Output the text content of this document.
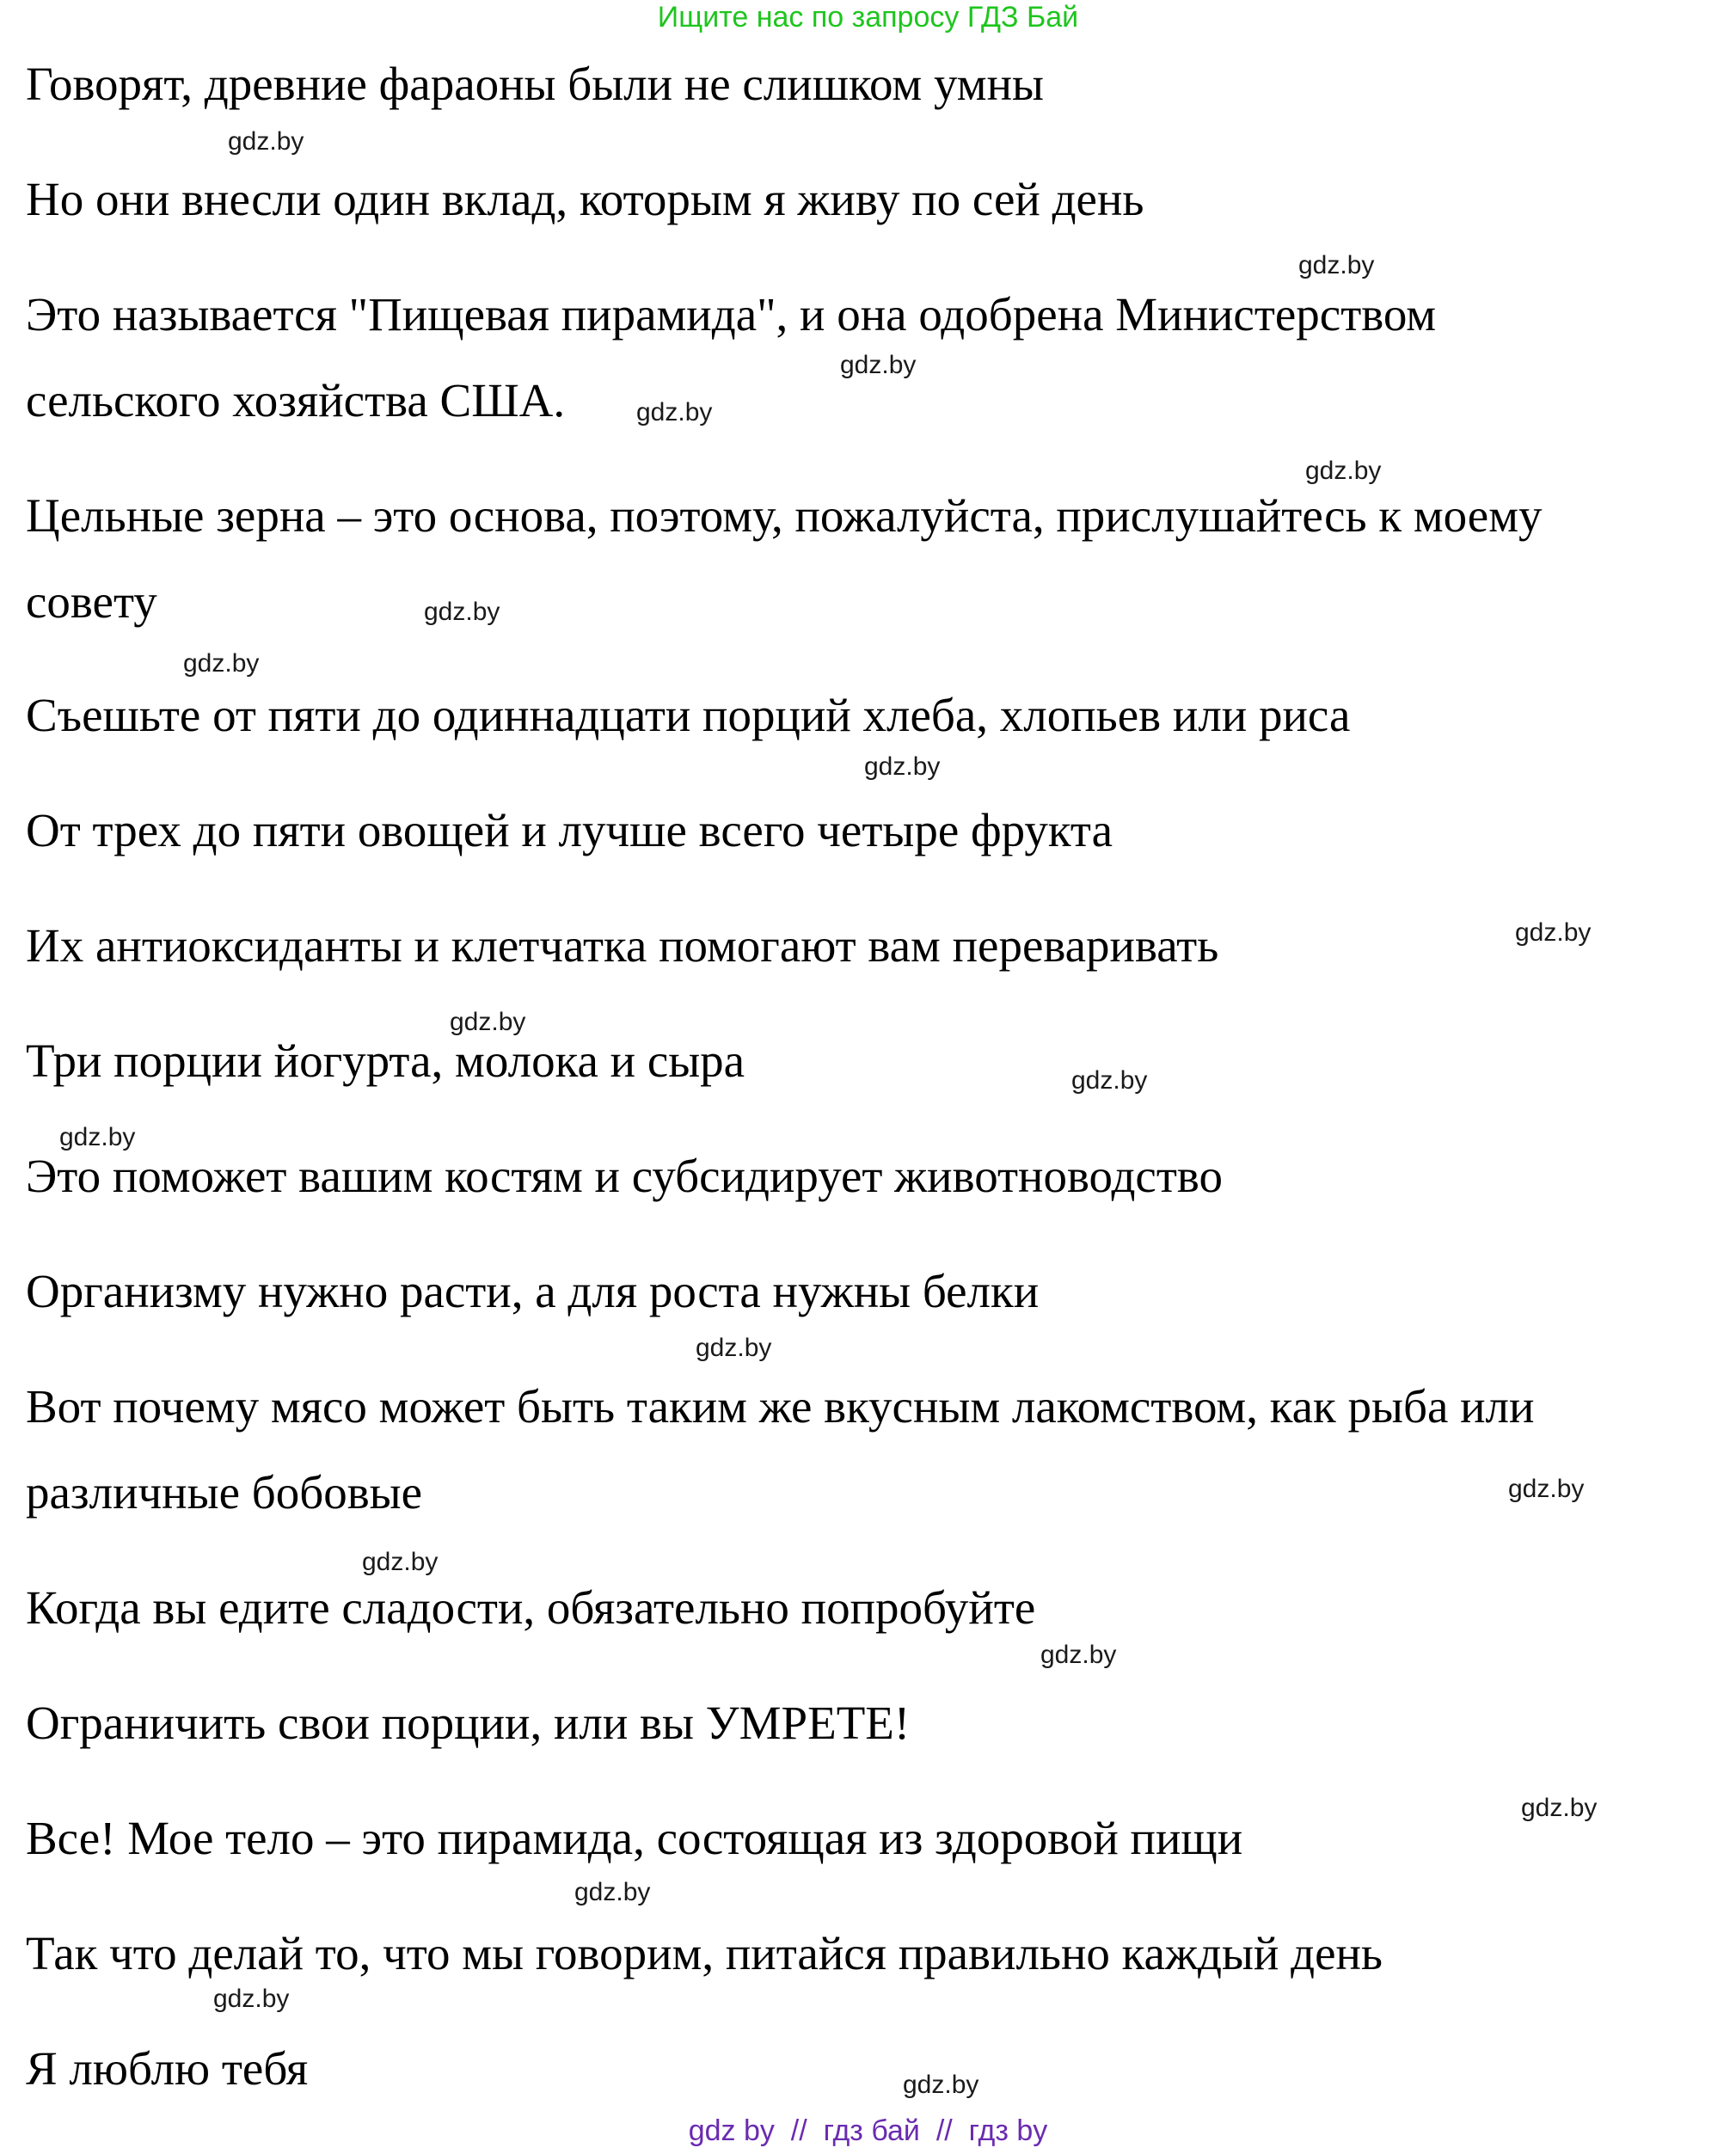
Ищите нас по запросу ГДЗ Бай
Говорят, древние фараоны были не слишком умны
Но они внесли один вклад, которым я живу по сей день
Это называется "Пищевая пирамида", и она одобрена Министерством
сельского хозяйства США.
Цельные зерна – это основа, поэтому, пожалуйста, прислушайтесь к моему
совету
Съешьте от пяти до одиннадцати порций хлеба, хлопьев или риса
От трех до пяти овощей и лучше всего четыре фрукта
Их антиоксиданты и клетчатка помогают вам переваривать
Три порции йогурта, молока и сыра
Это поможет вашим костям и субсидирует животноводство
Организму нужно расти, а для роста нужны белки
Вот почему мясо может быть таким же вкусным лакомством, как рыба или
различные бобовые
Когда вы едите сладости, обязательно попробуйте
Ограничить свои порции, или вы УМРЕТЕ!
Все! Мое тело – это пирамида, состоящая из здоровой пищи
Так что делай то, что мы говорим, питайся правильно каждый день
Я люблю тебя
gdz.by
gdz.by
gdz.by
gdz.by
gdz.by
gdz.by
gdz.by
gdz.by
gdz.by
gdz.by
gdz.by
gdz.by
gdz.by
gdz.by
gdz.by
gdz.by
gdz.by
gdz.by
gdz.by
gdz.by
gdz by  //  гдз бай  //  гдз by
